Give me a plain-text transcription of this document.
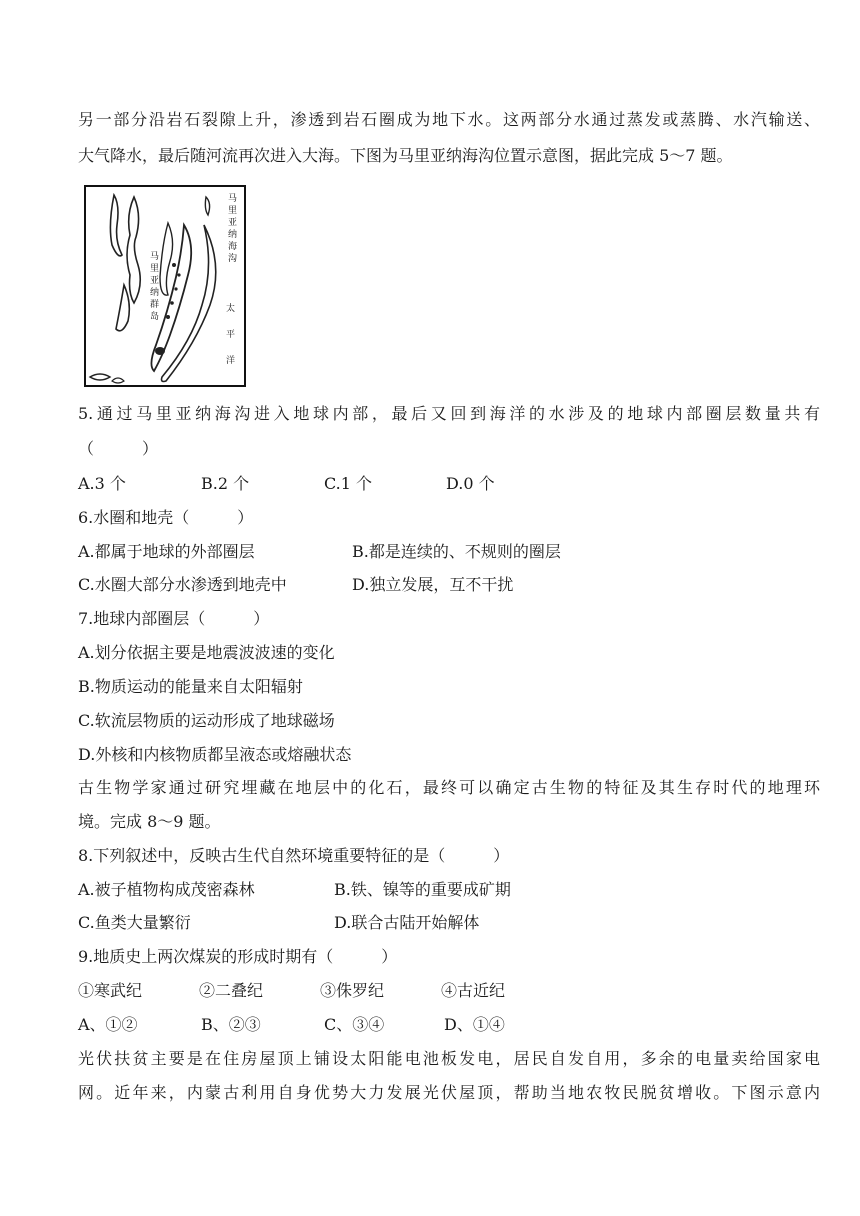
另一部分沿岩石裂隙上升，渗透到岩石圈成为地下水。这两部分水通过蒸发或蒸腾、水汽输送、
大气降水，最后随河流再次进入大海。下图为马里亚纳海沟位置示意图，据此完成 5～7 题。
马
里
亚
纳
海
沟
马
里
亚
纳
群
岛
太
平
洋
5.通过马里亚纳海沟进入地球内部，最后又回到海洋的水涉及的地球内部圈层数量共有
（　　　）
A.3 个	B.2 个	C.1 个	D.0 个
6.水圈和地壳（　　　）
A.都属于地球的外部圈层	B.都是连续的、不规则的圈层
C.水圈大部分水渗透到地壳中	D.独立发展，互不干扰
7.地球内部圈层（　　　）
A.划分依据主要是地震波波速的变化
B.物质运动的能量来自太阳辐射
C.软流层物质的运动形成了地球磁场
D.外核和内核物质都呈液态或熔融状态
古生物学家通过研究埋藏在地层中的化石，最终可以确定古生物的特征及其生存时代的地理环
境。完成 8～9 题。
8.下列叙述中，反映古生代自然环境重要特征的是（　　　）
A.被子植物构成茂密森林	B.铁、镍等的重要成矿期
C.鱼类大量繁衍	D.联合古陆开始解体
9.地质史上两次煤炭的形成时期有（　　　）
①寒武纪	②二叠纪	③侏罗纪	④古近纪
A、①②	B、②③	C、③④	D、①④
光伏扶贫主要是在住房屋顶上铺设太阳能电池板发电，居民自发自用，多余的电量卖给国家电
网。近年来，内蒙古利用自身优势大力发展光伏屋顶，帮助当地农牧民脱贫增收。下图示意内
